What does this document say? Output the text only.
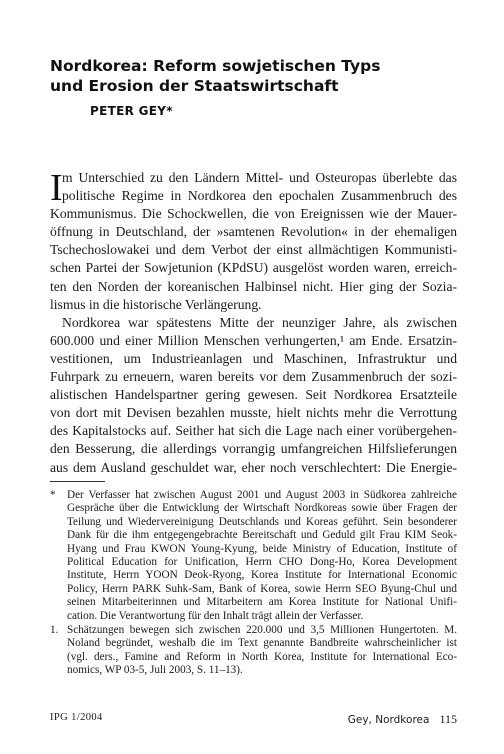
Nordkorea: Reform sowjetischen Typs
und Erosion der Staatswirtschaft
PETER GEY*
I m Unterschied zu den Ländern Mittel- und Osteuropas überlebte das
politische Regime in Nordkorea den epochalen Zusammenbruch des
Kommunismus. Die Schockwellen, die von Ereignissen wie der Mauer-
öffnung in Deutschland, der »samtenen Revolution« in der ehemaligen
Tschechoslowakei und dem Verbot der einst allmächtigen Kommunisti-
schen Partei der Sowjetunion (KPdSU) ausgelöst worden waren, erreich-
ten den Norden der koreanischen Halbinsel nicht. Hier ging der Sozia-
lismus in die historische Verlängerung.
Nordkorea war spätestens Mitte der neunziger Jahre, als zwischen
600.000 und einer Million Menschen verhungerten,¹ am Ende. Ersatzin-
vestitionen, um Industrieanlagen und Maschinen, Infrastruktur und
Fuhrpark zu erneuern, waren bereits vor dem Zusammenbruch der sozi-
alistischen Handelspartner gering gewesen. Seit Nordkorea Ersatzteile
von dort mit Devisen bezahlen musste, hielt nichts mehr die Verrottung
des Kapitalstocks auf. Seither hat sich die Lage nach einer vorübergehen-
den Besserung, die allerdings vorrangig umfangreichen Hilfslieferungen
aus dem Ausland geschuldet war, eher noch verschlechtert: Die Energie-
* Der Verfasser hat zwischen August 2001 und August 2003 in Südkorea zahlreiche
Gespräche über die Entwicklung der Wirtschaft Nordkoreas sowie über Fragen der
Teilung und Wiedervereinigung Deutschlands und Koreas geführt. Sein besonderer
Dank für die ihm entgegengebrachte Bereitschaft und Geduld gilt Frau KIM Seok-
Hyang und Frau KWON Young-Kyung, beide Ministry of Education, Institute of
Political Education for Unification, Herrn CHO Dong-Ho, Korea Development
Institute, Herrn YOON Deok-Ryong, Korea Institute for International Economic
Policy, Herrn PARK Suhk-Sam, Bank of Korea, sowie Herrn SEO Byung-Chul und
seinen Mitarbeiterinnen und Mitarbeitern am Korea Institute for National Unifi-
cation. Die Verantwortung für den Inhalt trägt allein der Verfasser.
1. Schätzungen bewegen sich zwischen 220.000 und 3,5 Millionen Hungertoten. M.
Noland begründet, weshalb die im Text genannte Bandbreite wahrscheinlicher ist
(vgl. ders., Famine and Reform in North Korea, Institute for International Eco-
nomics, WP 03-5, Juli 2003, S. 11–13).
IPG 1/2004	Gey, Nordkorea 115
